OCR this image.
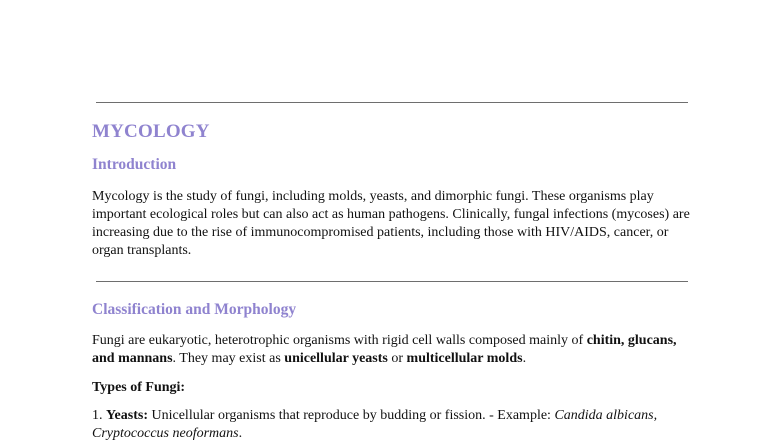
MYCOLOGY
Introduction

Mycology is the study of fungi, including molds, yeasts, and dimorphic fungi. These organisms play important ecological roles but can also act as human pathogens. Clinically, fungal infections (mycoses) are increasing due to the rise of immunocompromised patients, including those with HIV/AIDS, cancer, or organ transplants.

Classification and Morphology

Fungi are eukaryotic, heterotrophic organisms with rigid cell walls composed mainly of chitin, glucans, and mannans. They may exist as unicellular yeasts or multicellular molds.

Types of Fungi:

1. Yeasts: Unicellular organisms that reproduce by budding or fission. - Example: Candida albicans, Cryptococcus neoformans.
